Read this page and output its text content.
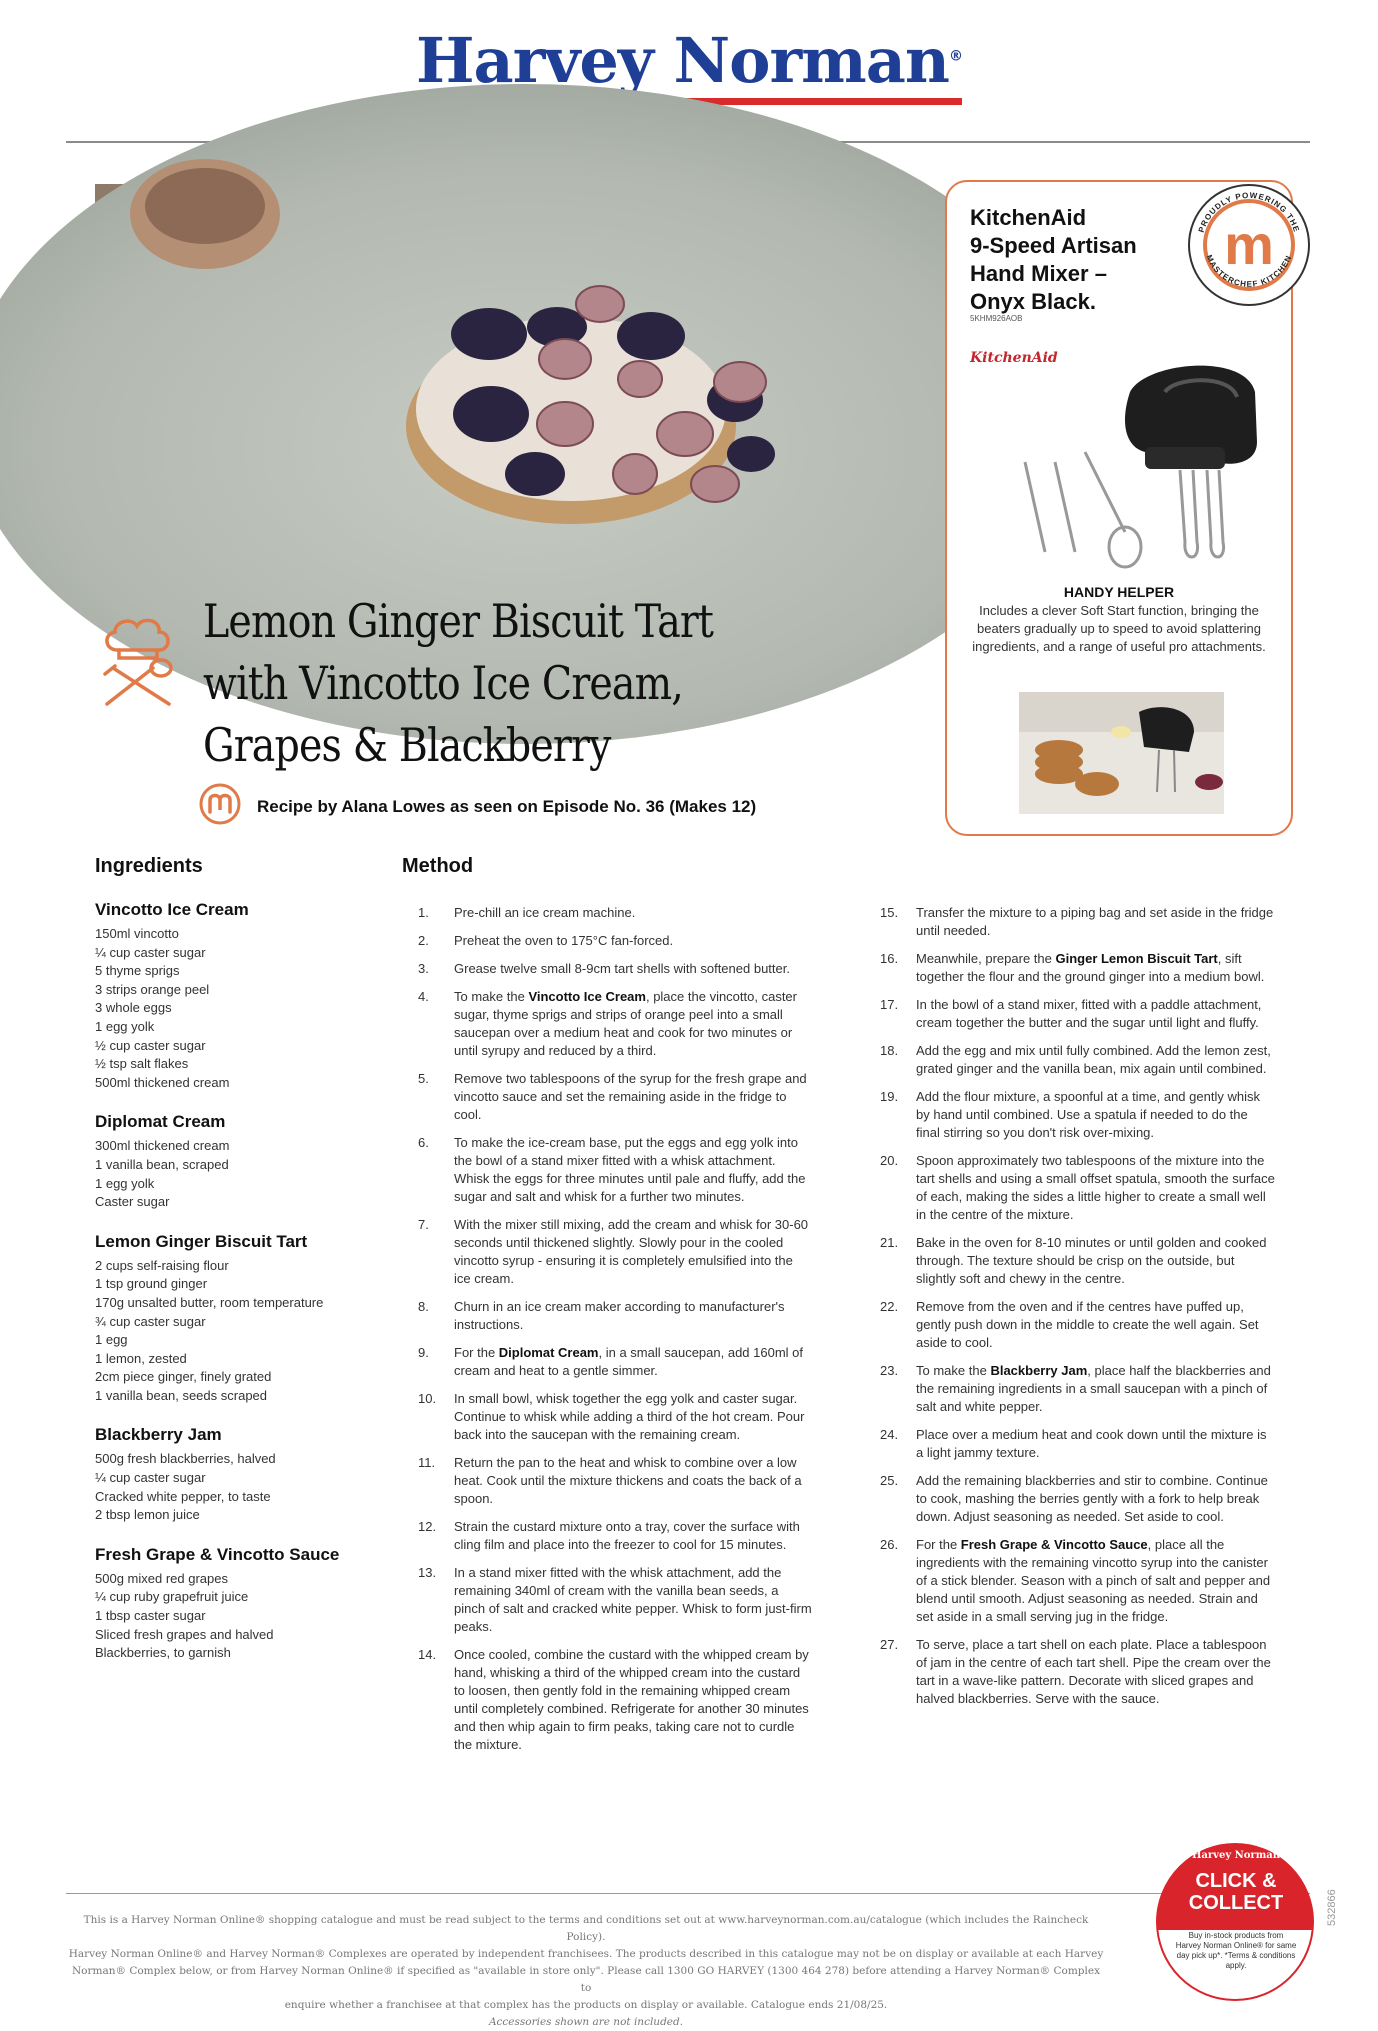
Harvey Norman®
Lemon Ginger Biscuit Tart
with Vincotto Ice Cream,
Grapes & Blackberry
Recipe by Alana Lowes as seen on Episode No. 36 (Makes 12)
KitchenAid
9-Speed Artisan
Hand Mixer –
Onyx Black.
5KHM926AOB
KitchenAid
PROUDLY POWERING THE
MASTERCHEF KITCHEN
m
HANDY HELPER
Includes a clever Soft Start function, bringing the beaters gradually up to speed to avoid splattering ingredients, and a range of useful pro attachments.
Ingredients
Vincotto Ice Cream
150ml vincotto
¼ cup caster sugar
5 thyme sprigs
3 strips orange peel
3 whole eggs
1 egg yolk
½ cup caster sugar
½ tsp salt flakes
500ml thickened cream
Diplomat Cream
300ml thickened cream
1 vanilla bean, scraped
1 egg yolk
Caster sugar
Lemon Ginger Biscuit Tart
2 cups self-raising flour
1 tsp ground ginger
170g unsalted butter, room temperature
¾ cup caster sugar
1 egg
1 lemon, zested
2cm piece ginger, finely grated
1 vanilla bean, seeds scraped
Blackberry Jam
500g fresh blackberries, halved
¼ cup caster sugar
Cracked white pepper, to taste
2 tbsp lemon juice
Fresh Grape & Vincotto Sauce
500g mixed red grapes
¼ cup ruby grapefruit juice
1 tbsp caster sugar
Sliced fresh grapes and halved
Blackberries, to garnish
Method
1.	Pre-chill an ice cream machine.
2.	Preheat the oven to 175°C fan-forced.
3.	Grease twelve small 8-9cm tart shells with softened butter.
4.	To make the Vincotto Ice Cream, place the vincotto, caster sugar, thyme sprigs and strips of orange peel into a small saucepan over a medium heat and cook for two minutes or until syrupy and reduced by a third.
5.	Remove two tablespoons of the syrup for the fresh grape and vincotto sauce and set the remaining aside in the fridge to cool.
6.	To make the ice-cream base, put the eggs and egg yolk into the bowl of a stand mixer fitted with a whisk attachment. Whisk the eggs for three minutes until pale and fluffy, add the sugar and salt and whisk for a further two minutes.
7.	With the mixer still mixing, add the cream and whisk for 30-60 seconds until thickened slightly. Slowly pour in the cooled vincotto syrup - ensuring it is completely emulsified into the ice cream.
8.	Churn in an ice cream maker according to manufacturer's instructions.
9.	For the Diplomat Cream, in a small saucepan, add 160ml of cream and heat to a gentle simmer.
10.	In small bowl, whisk together the egg yolk and caster sugar. Continue to whisk while adding a third of the hot cream. Pour back into the saucepan with the remaining cream.
11.	Return the pan to the heat and whisk to combine over a low heat. Cook until the mixture thickens and coats the back of a spoon.
12.	Strain the custard mixture onto a tray, cover the surface with cling film and place into the freezer to cool for 15 minutes.
13.	In a stand mixer fitted with the whisk attachment, add the remaining 340ml of cream with the vanilla bean seeds, a pinch of salt and cracked white pepper. Whisk to form just-firm peaks.
14.	Once cooled, combine the custard with the whipped cream by hand, whisking a third of the whipped cream into the custard to loosen, then gently fold in the remaining whipped cream until completely combined. Refrigerate for another 30 minutes and then whip again to firm peaks, taking care not to curdle the mixture.
15.	Transfer the mixture to a piping bag and set aside in the fridge until needed.
16.	Meanwhile, prepare the Ginger Lemon Biscuit Tart, sift together the flour and the ground ginger into a medium bowl.
17.	In the bowl of a stand mixer, fitted with a paddle attachment, cream together the butter and the sugar until light and fluffy.
18.	Add the egg and mix until fully combined. Add the lemon zest, grated ginger and the vanilla bean, mix again until combined.
19.	Add the flour mixture, a spoonful at a time, and gently whisk by hand until combined. Use a spatula if needed to do the final stirring so you don't risk over-mixing.
20.	Spoon approximately two tablespoons of the mixture into the tart shells and using a small offset spatula, smooth the surface of each, making the sides a little higher to create a small well in the centre of the mixture.
21.	Bake in the oven for 8-10 minutes or until golden and cooked through. The texture should be crisp on the outside, but slightly soft and chewy in the centre.
22.	Remove from the oven and if the centres have puffed up, gently push down in the middle to create the well again. Set aside to cool.
23.	To make the Blackberry Jam, place half the blackberries and the remaining ingredients in a small saucepan with a pinch of salt and white pepper.
24.	Place over a medium heat and cook down until the mixture is a light jammy texture.
25.	Add the remaining blackberries and stir to combine. Continue to cook, mashing the berries gently with a fork to help break down. Adjust seasoning as needed. Set aside to cool.
26.	For the Fresh Grape & Vincotto Sauce, place all the ingredients with the remaining vincotto syrup into the canister of a stick blender. Season with a pinch of salt and pepper and blend until smooth. Adjust seasoning as needed. Strain and set aside in a small serving jug in the fridge.
27.	To serve, place a tart shell on each plate. Place a tablespoon of jam in the centre of each tart shell. Pipe the cream over the tart in a wave-like pattern. Decorate with sliced grapes and halved blackberries. Serve with the sauce.
This is a Harvey Norman Online® shopping catalogue and must be read subject to the terms and conditions set out at www.harveynorman.com.au/catalogue (which includes the Raincheck Policy).
Harvey Norman Online® and Harvey Norman® Complexes are operated by independent franchisees. The products described in this catalogue may not be on display or available at each Harvey
Norman® Complex below, or from Harvey Norman Online® if specified as "available in store only". Please call 1300 GO HARVEY (1300 464 278) before attending a Harvey Norman® Complex to
enquire whether a franchisee at that complex has the products on display or available. Catalogue ends 21/08/25.
Accessories shown are not included.
Harvey Norman
CLICK &
COLLECT
Buy in-stock products from Harvey Norman Online® for same day pick up*. *Terms & conditions apply.
532866
